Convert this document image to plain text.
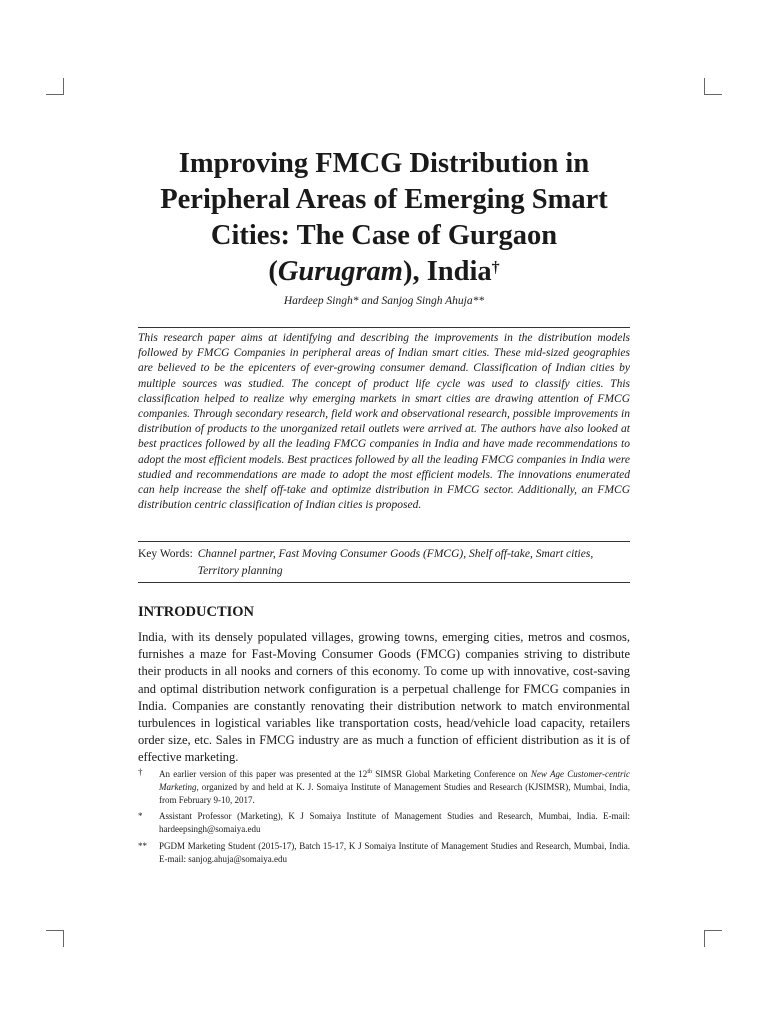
Improving FMCG Distribution in
Peripheral Areas of Emerging Smart
Cities: The Case of Gurgaon
(Gurugram), India†
Hardeep Singh* and Sanjog Singh Ahuja**

This research paper aims at identifying and describing the improvements in the distribution models followed by FMCG Companies in peripheral areas of Indian smart cities. These mid-sized geographies are believed to be the epicenters of ever-growing consumer demand. Classification of Indian cities by multiple sources was studied. The concept of product life cycle was used to classify cities. This classification helped to realize why emerging markets in smart cities are drawing attention of FMCG companies. Through secondary research, field work and observational research, possible improvements in distribution of products to the unorganized retail outlets were arrived at. The authors have also looked at best practices followed by all the leading FMCG companies in India and have made recommendations to adopt the most efficient models. Best practices followed by all the leading FMCG companies in India were studied and recommendations are made to adopt the most efficient models. The innovations enumerated can help increase the shelf off-take and optimize distribution in FMCG sector. Additionally, an FMCG distribution centric classification of Indian cities is proposed.

Key Words: Channel partner, Fast Moving Consumer Goods (FMCG), Shelf off-take, Smart cities, Territory planning
INTRODUCTION

India, with its densely populated villages, growing towns, emerging cities, metros and cosmos, furnishes a maze for Fast-Moving Consumer Goods (FMCG) companies striving to distribute their products in all nooks and corners of this economy. To come up with innovative, cost-saving and optimal distribution network configuration is a perpetual challenge for FMCG companies in India. Companies are constantly renovating their distribution network to match environmental turbulences in logistical variables like transportation costs, head/vehicle load capacity, retailers order size, etc. Sales in FMCG industry are as much a function of efficient distribution as it is of effective marketing.

†	An earlier version of this paper was presented at the 12th SIMSR Global Marketing Conference on New Age Customer-centric Marketing, organized by and held at K. J. Somaiya Institute of Management Studies and Research (KJSIMSR), Mumbai, India, from February 9-10, 2017.
*	Assistant Professor (Marketing), K J Somaiya Institute of Management Studies and Research, Mumbai, India. E-mail: hardeepsingh@somaiya.edu
**	PGDM Marketing Student (2015-17), Batch 15-17, K J Somaiya Institute of Management Studies and Research, Mumbai, India. E-mail: sanjog.ahuja@somaiya.edu
